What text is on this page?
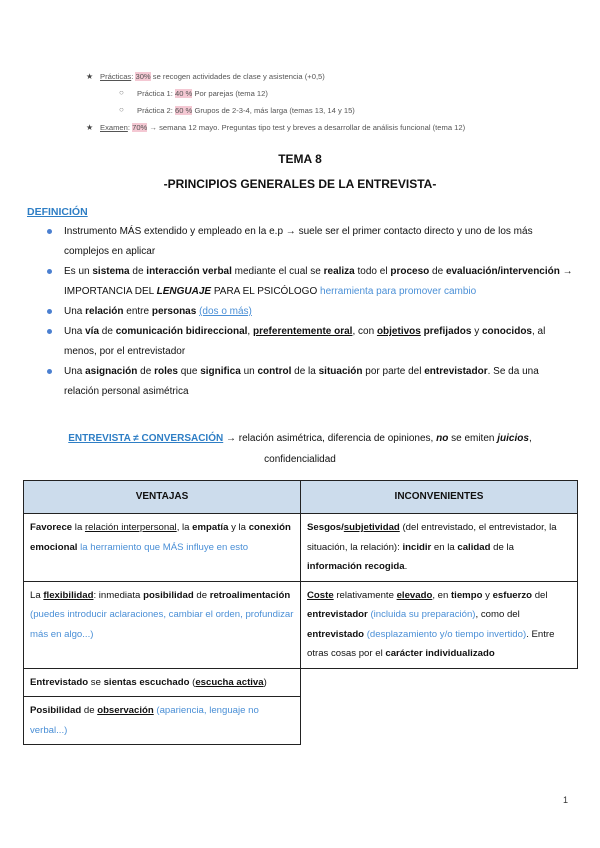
★ Prácticas: 30% se recogen actividades de clase y asistencia (+0,5)
○ Práctica 1: 40 % Por parejas (tema 12)
○ Práctica 2: 60 % Grupos de 2-3-4, más larga (temas 13, 14 y 15)
★ Examen: 70% → semana 12 mayo. Preguntas tipo test y breves a desarrollar de análisis funcional (tema 12)
TEMA 8
-PRINCIPIOS GENERALES DE LA ENTREVISTA-
DEFINICIÓN
Instrumento MÁS extendido y empleado en la e.p → suele ser el primer contacto directo y uno de los más complejos en aplicar
Es un sistema de interacción verbal mediante el cual se realiza todo el proceso de evaluación/intervención → IMPORTANCIA DEL LENGUAJE PARA EL PSICÓLOGO herramienta para promover cambio
Una relación entre personas (dos o más)
Una vía de comunicación bidireccional, preferentemente oral, con objetivos prefijados y conocidos, al menos, por el entrevistador
Una asignación de roles que significa un control de la situación por parte del entrevistador. Se da una relación personal asimétrica
ENTREVISTA ≠ CONVERSACIÓN → relación asimétrica, diferencia de opiniones, no se emiten juicios,
confidencialidad
VENTAJAS	INCONVENIENTES
Favorece la relación interpersonal, la empatía y la conexión emocional la herramiento que MÁS influye en esto	Sesgos/subjetividad (del entrevistado, el entrevistador, la situación, la relación): incidir en la calidad de la información recogida.
La flexibilidad: inmediata posibilidad de retroalimentación (puedes introducir aclaraciones, cambiar el orden, profundizar más en algo...)	Coste relativamente elevado, en tiempo y esfuerzo del entrevistador (incluida su preparación), como del entrevistado (desplazamiento y/o tiempo invertido). Entre otras cosas por el carácter individualizado
Entrevistado se sientas escuchado (escucha activa)	
Posibilidad de observación (apariencia, lenguaje no verbal...)	
1
